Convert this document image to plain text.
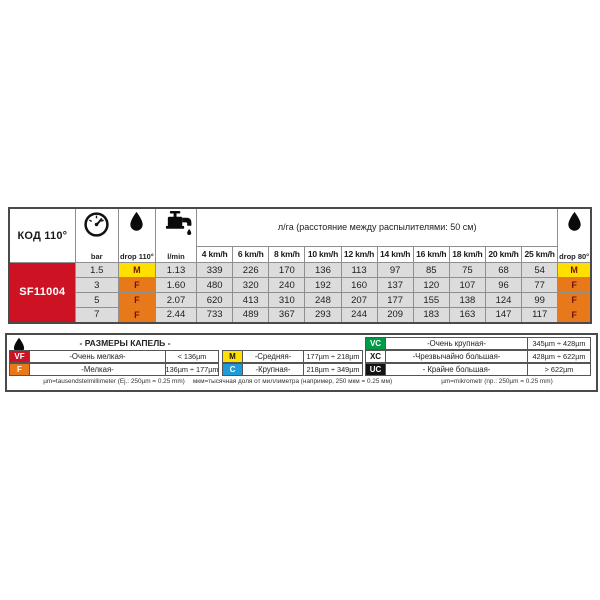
КОД 110°	bar	drop 110°	l/min	л/га (расстояние между распылителями: 50 см)										drop 80°

				4 km/h	6 km/h	8 km/h	10 km/h	12 km/h	14 km/h	16 km/h	18 km/h	20 km/h	25 km/h	
SF11004	1.5	M	1.13	339	226	170	136	113	97	85	75	68	54	M
	3	F	1.60	480	320	240	192	160	137	120	107	96	77	F
	5	F	2.07	620	413	310	248	207	177	155	138	124	99	F
	7	F	2.44	733	489	367	293	244	209	183	163	147	117	F
- РАЗМЕРЫ КАПЕЛЬ -
VF	-Очень мелкая-	< 136µm
F	-Мелкая-	136µm ÷ 177µm
µm=tausendstelmillimeter (Ej.: 250µm = 0.25 mm)
M	-Средняя-	177µm ÷ 218µm
C	-Крупная-	218µm ÷ 349µm
мкм=тысячная доля от миллиметра (например, 250 мкм = 0.25 мм)
VC	-Очень крупная-	345µm ÷ 428µm
XC	-Чрезвычайно большая-	428µm ÷ 622µm
UC	- Крайне большая-	> 622µm
µm=mikrometr (np.: 250µm = 0.25 mm)
